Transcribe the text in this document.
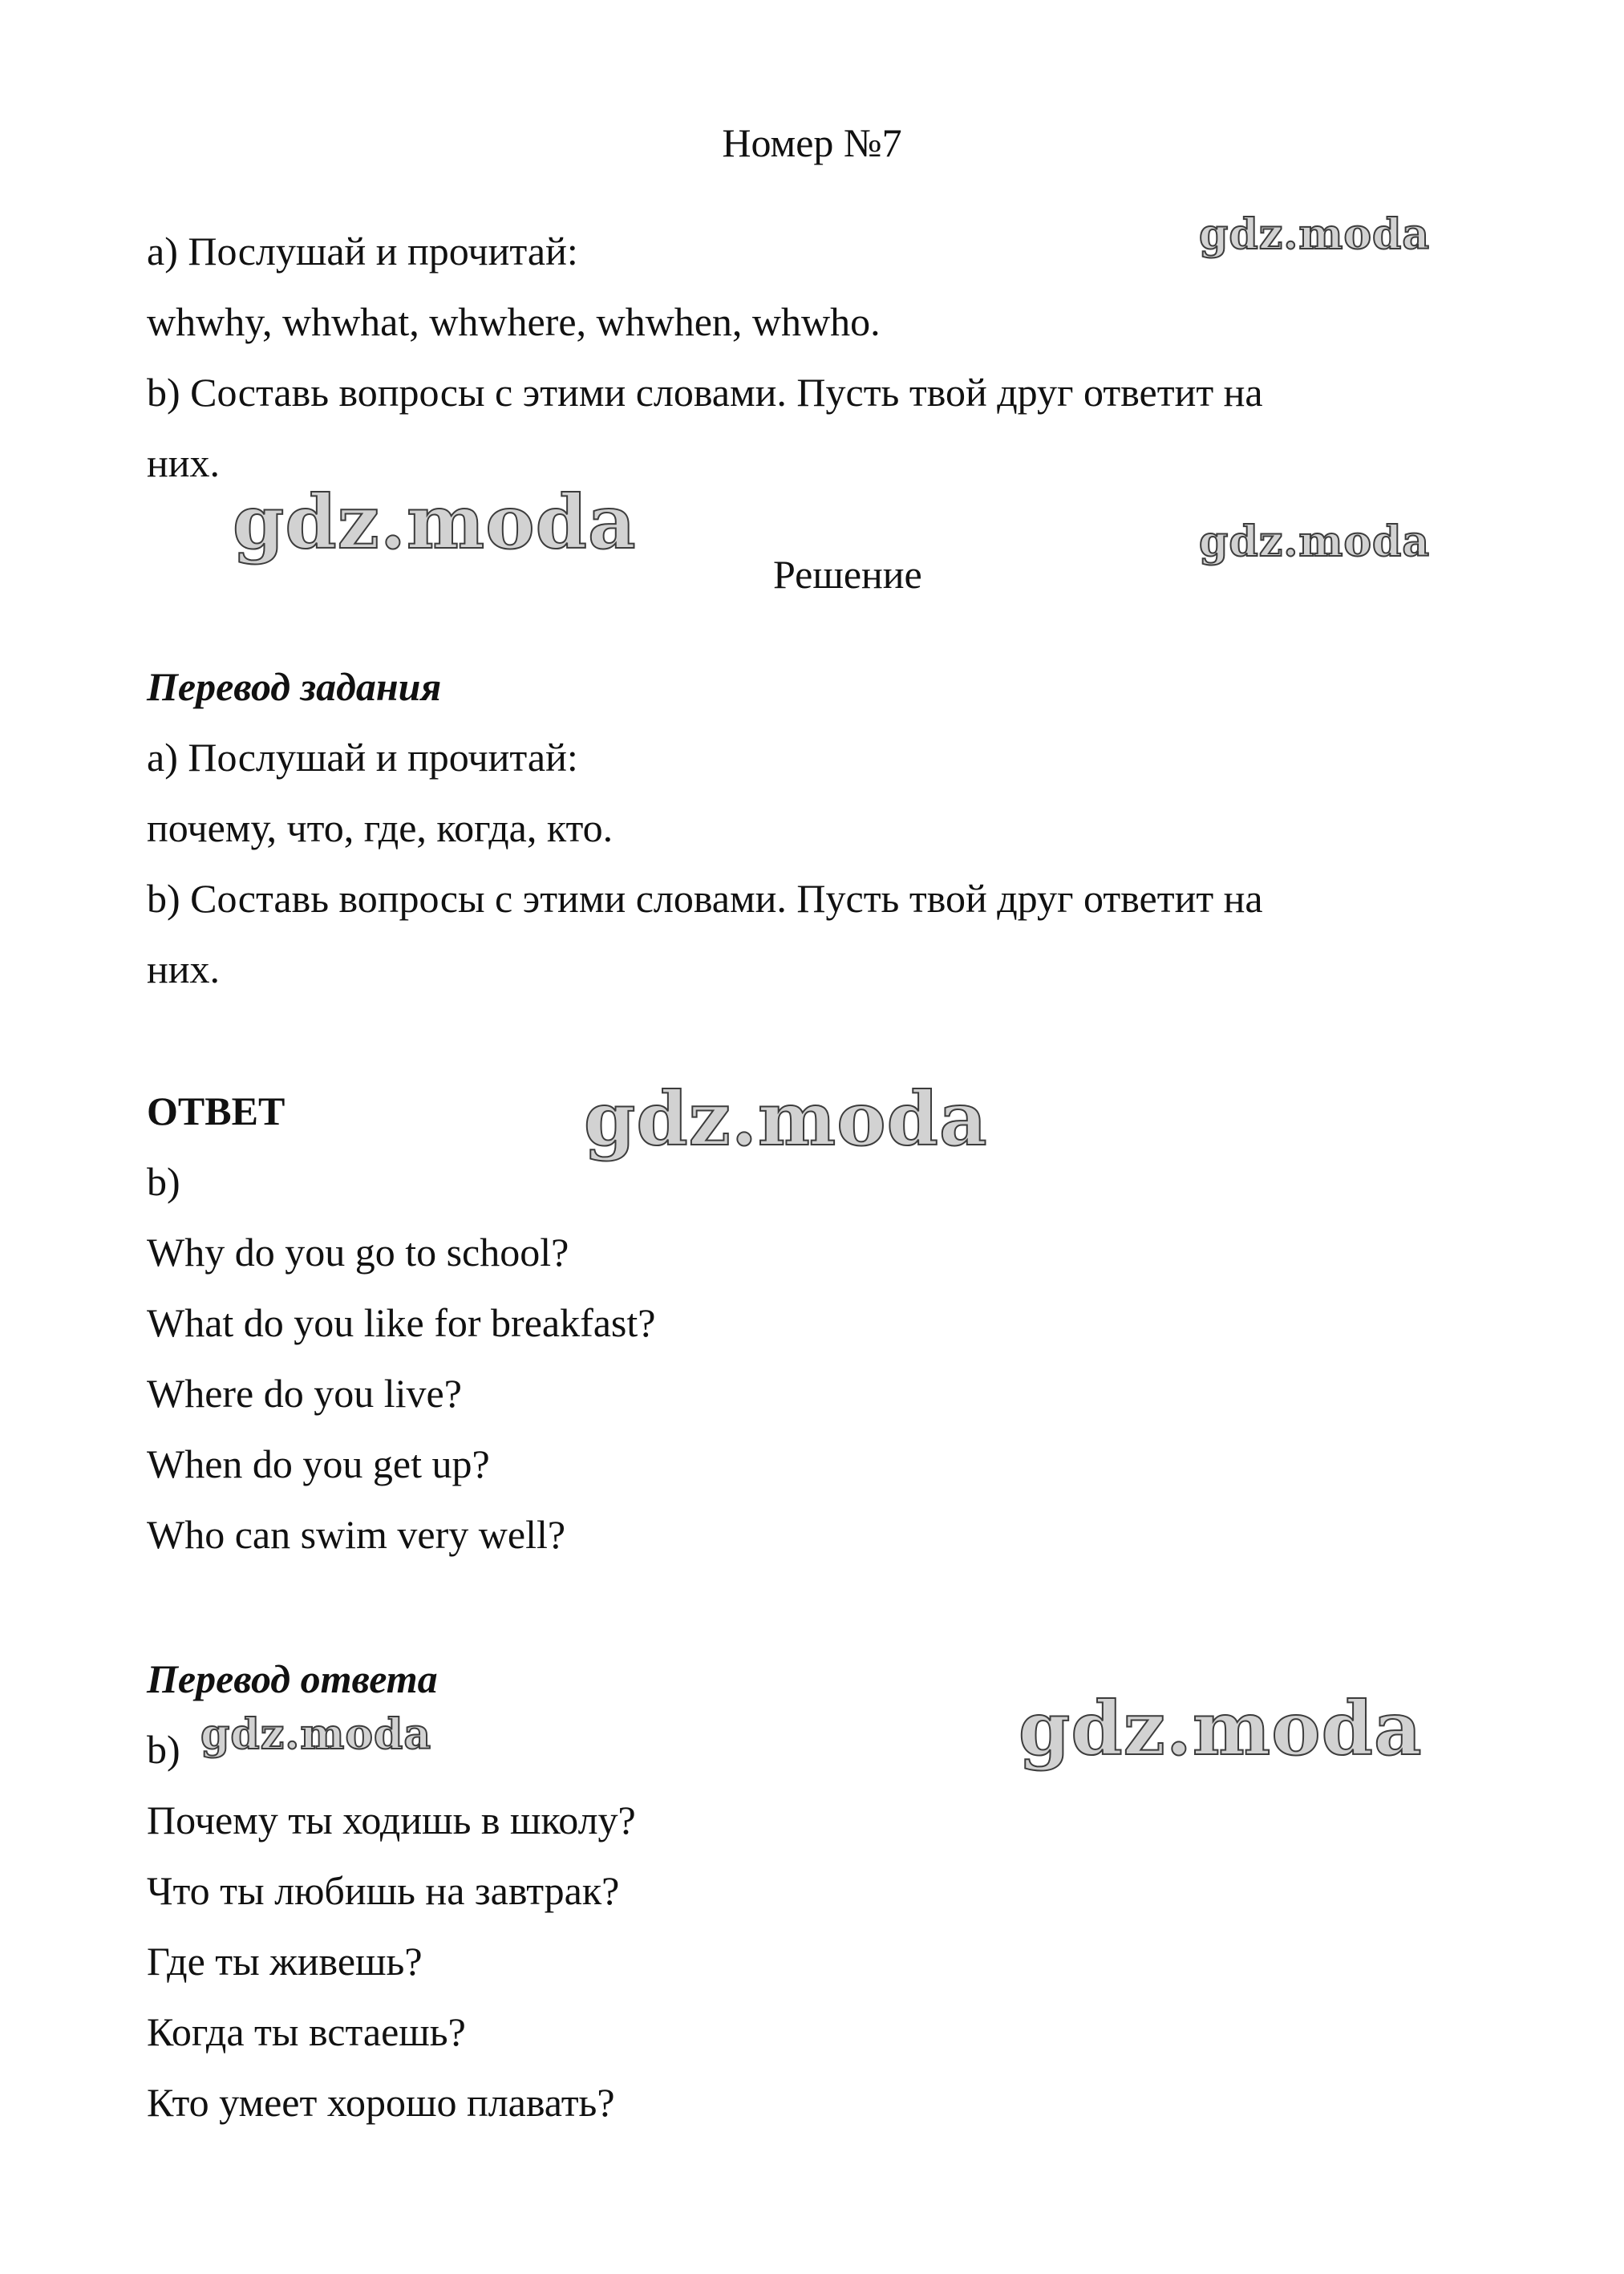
Номер №7

a) Послушай и прочитай:

whwhy, whwhat, whwhere, whwhen, whwho.

b) Составь вопросы с этими словами. Пусть твой друг ответит на

них.

Решение

Перевод задания

a) Послушай и прочитай:

почему, что, где, когда, кто.

b) Составь вопросы с этими словами. Пусть твой друг ответит на

них.

ОТВЕТ

b)

Why do you go to school?

What do you like for breakfast?

Where do you live?

When do you get up?

Who can swim very well?

Перевод ответа

b)

Почему ты ходишь в школу?

Что ты любишь на завтрак?

Где ты живешь?

Когда ты встаешь?

Кто умеет хорошо плавать?

gdz.moda
gdz.moda	gdz.moda
gdz.moda
gdz.moda	gdz.moda
